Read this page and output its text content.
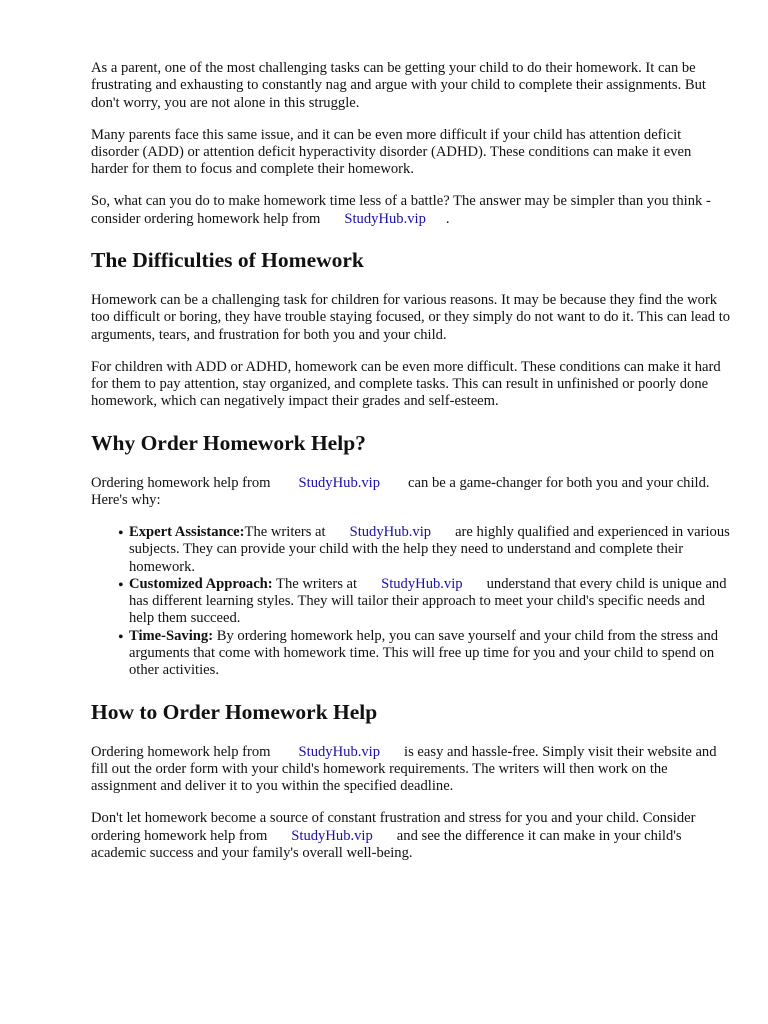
As a parent, one of the most challenging tasks can be getting your child to do their homework. It can be frustrating and exhausting to constantly nag and argue with your child to complete their assignments. But don't worry, you are not alone in this struggle.

Many parents face this same issue, and it can be even more difficult if your child has attention deficit disorder (ADD) or attention deficit hyperactivity disorder (ADHD). These conditions can make it even harder for them to focus and complete their homework.

So, what can you do to make homework time less of a battle? The answer may be simpler than you think - consider ordering homework help from StudyHub.vip .

The Difficulties of Homework

Homework can be a challenging task for children for various reasons. It may be because they find the work too difficult or boring, they have trouble staying focused, or they simply do not want to do it. This can lead to arguments, tears, and frustration for both you and your child.

For children with ADD or ADHD, homework can be even more difficult. These conditions can make it hard for them to pay attention, stay organized, and complete tasks. This can result in unfinished or poorly done homework, which can negatively impact their grades and self-esteem.

Why Order Homework Help?

Ordering homework help from StudyHub.vip can be a game-changer for both you and your child. Here's why:

• Expert Assistance:The writers at StudyHub.vip are highly qualified and experienced in various subjects. They can provide your child with the help they need to understand and complete their homework.
• Customized Approach: The writers at StudyHub.vip understand that every child is unique and has different learning styles. They will tailor their approach to meet your child's specific needs and help them succeed.
• Time-Saving: By ordering homework help, you can save yourself and your child from the stress and arguments that come with homework time. This will free up time for you and your child to spend on other activities.
How to Order Homework Help

Ordering homework help from StudyHub.vip is easy and hassle-free. Simply visit their website and fill out the order form with your child's homework requirements. The writers will then work on the assignment and deliver it to you within the specified deadline.

Don't let homework become a source of constant frustration and stress for you and your child. Consider ordering homework help from StudyHub.vip and see the difference it can make in your child's academic success and your family's overall well-being.
